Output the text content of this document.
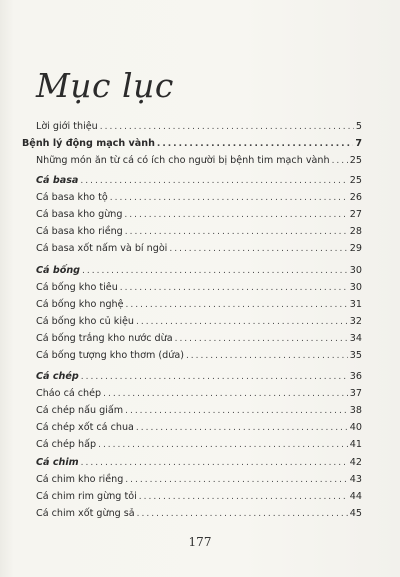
Mục lục
Lời giới thiệu .....	5
Bệnh lý động mạch vành .....	7
Những món ăn từ cá có ích cho người bị bệnh tim mạch vành ..... 25
Cá basa .....	25
Cá basa kho tộ .....	26
Cá basa kho gừng .....	27
Cá basa kho riềng .....	28
Cá basa xốt nấm và bí ngòi .....	29
Cá bống .....	30
Cá bống kho tiêu .....	30
Cá bống kho nghệ .....	31
Cá bống kho củ kiệu .....	32
Cá bống trắng kho nước dừa .....	34
Cá bống tượng kho thơm (dứa) .....	35
Cá chép .....	36
Cháo cá chép .....	37
Cá chép nấu giấm .....	38
Cá chép xốt cá chua .....	40
Cá chép hấp .....	41
Cá chim .....	42
Cá chim kho riềng .....	43
Cá chim rim gừng tỏi .....	44
Cá chim xốt gừng sả .....	45
177
